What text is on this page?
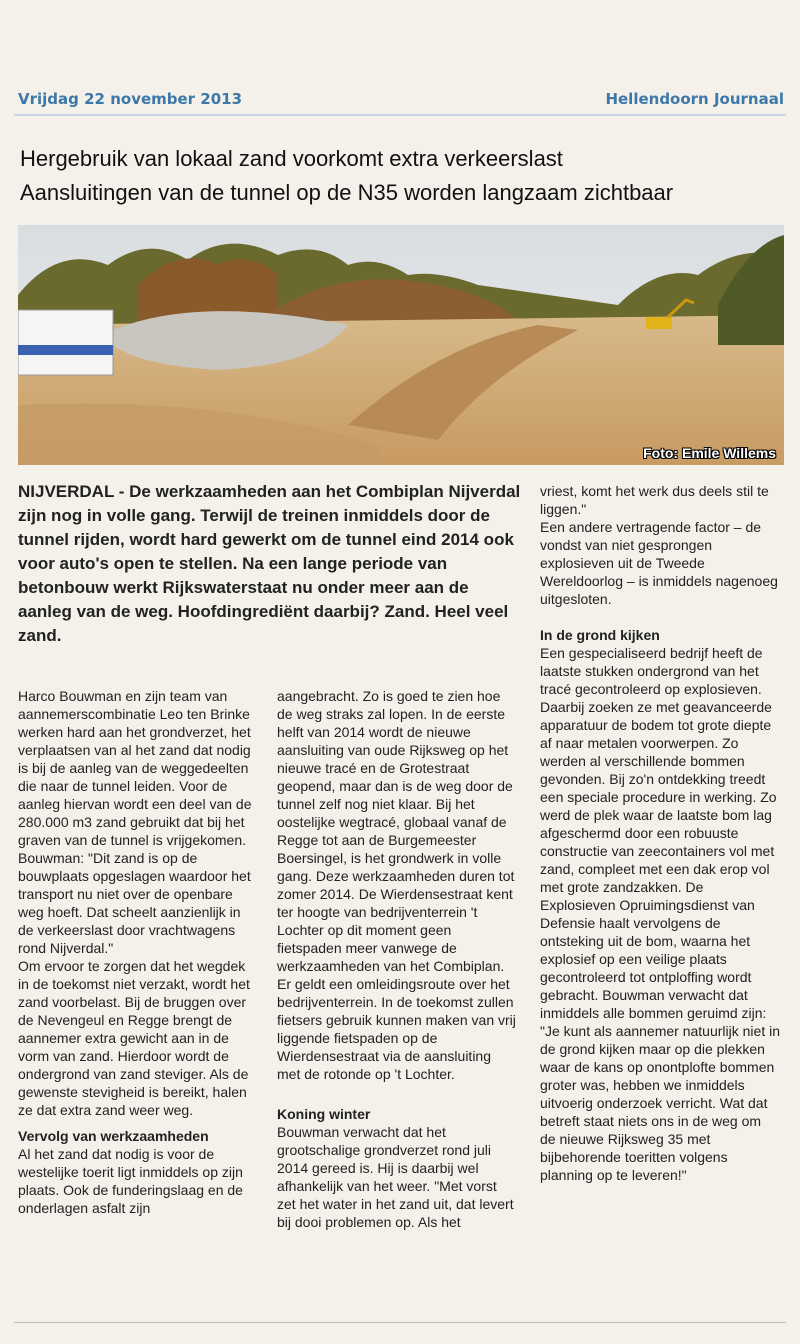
Vrijdag 22 november 2013	Hellendoorn Journaal
Hergebruik van lokaal zand voorkomt extra verkeerslast
Aansluitingen van de tunnel op de N35 worden langzaam zichtbaar
Foto: Emile Willems
NIJVERDAL - De werkzaamheden aan het Combiplan Nijverdal zijn nog in volle gang. Terwijl de treinen inmiddels door de tunnel rijden, wordt hard gewerkt om de tunnel eind 2014 ook voor auto's open te stellen. Na een lange periode van betonbouw werkt Rijkswaterstaat nu onder meer aan de aanleg van de weg. Hoofdingrediënt daarbij? Zand. Heel veel zand.

Harco Bouwman en zijn team van aannemerscombinatie Leo ten Brinke werken hard aan het grondverzet, het verplaatsen van al het zand dat nodig is bij de aanleg van de weggedeelten die naar de tunnel leiden. Voor de aanleg hiervan wordt een deel van de 280.000 m3 zand gebruikt dat bij het graven van de tunnel is vrijgekomen. Bouwman: "Dit zand is op de bouwplaats opgeslagen waardoor het transport nu niet over de openbare weg hoeft. Dat scheelt aanzienlijk in de verkeerslast door vrachtwagens rond Nijverdal."

Om ervoor te zorgen dat het wegdek in de toekomst niet verzakt, wordt het zand voorbelast. Bij de bruggen over de Nevengeul en Regge brengt de aannemer extra gewicht aan in de vorm van zand. Hierdoor wordt de ondergrond van zand steviger. Als de gewenste stevigheid is bereikt, halen ze dat extra zand weer weg.

Vervolg van werkzaamheden

Al het zand dat nodig is voor de westelijke toerit ligt inmiddels op zijn plaats. Ook de funderingslaag en de onderlagen asfalt zijn

aangebracht. Zo is goed te zien hoe de weg straks zal lopen. In de eerste helft van 2014 wordt de nieuwe aansluiting van oude Rijksweg op het nieuwe tracé en de Grotestraat geopend, maar dan is de weg door de tunnel zelf nog niet klaar. Bij het oostelijke wegtracé, globaal vanaf de Regge tot aan de Burgemeester Boersingel, is het grondwerk in volle gang. Deze werkzaamheden duren tot zomer 2014. De Wierdensestraat kent ter hoogte van bedrijventerrein 't Lochter op dit moment geen fietspaden meer vanwege de werkzaamheden van het Combiplan. Er geldt een omleidingsroute over het bedrijventerrein. In de toekomst zullen fietsers gebruik kunnen maken van vrij liggende fietspaden op de Wierdensestraat via de aansluiting met de rotonde op 't Lochter.

Koning winter

Bouwman verwacht dat het grootschalige grondverzet rond juli 2014 gereed is. Hij is daarbij wel afhankelijk van het weer. "Met vorst zet het water in het zand uit, dat levert bij dooi problemen op. Als het

vriest, komt het werk dus deels stil te liggen."

Een andere vertragende factor – de vondst van niet gesprongen explosieven uit de Tweede Wereldoorlog – is inmiddels nagenoeg uitgesloten.

In de grond kijken

Een gespecialiseerd bedrijf heeft de laatste stukken ondergrond van het tracé gecontroleerd op explosieven. Daarbij zoeken ze met geavanceerde apparatuur de bodem tot grote diepte af naar metalen voorwerpen. Zo werden al verschillende bommen gevonden. Bij zo'n ontdekking treedt een speciale procedure in werking. Zo werd de plek waar de laatste bom lag afgeschermd door een robuuste constructie van zeecontainers vol met zand, compleet met een dak erop vol met grote zandzakken. De Explosieven Opruimingsdienst van Defensie haalt vervolgens de ontsteking uit de bom, waarna het explosief op een veilige plaats gecontroleerd tot ontploffing wordt gebracht. Bouwman verwacht dat inmiddels alle bommen geruimd zijn: "Je kunt als aannemer natuurlijk niet in de grond kijken maar op die plekken waar de kans op onontplofte bommen groter was, hebben we inmiddels uitvoerig onderzoek verricht. Wat dat betreft staat niets ons in de weg om de nieuwe Rijksweg 35 met bijbehorende toeritten volgens planning op te leveren!"
